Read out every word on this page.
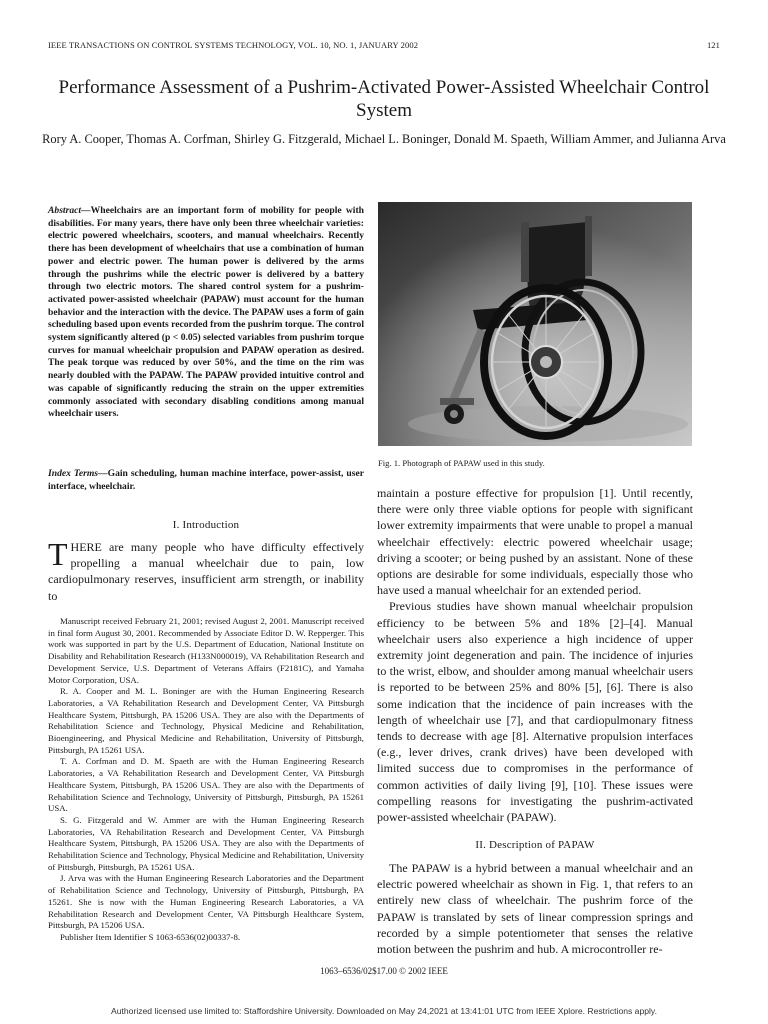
IEEE TRANSACTIONS ON CONTROL SYSTEMS TECHNOLOGY, VOL. 10, NO. 1, JANUARY 2002	121
Performance Assessment of a Pushrim-Activated Power-Assisted Wheelchair Control System
Rory A. Cooper, Thomas A. Corfman, Shirley G. Fitzgerald, Michael L. Boninger, Donald M. Spaeth, William Ammer, and Julianna Arva
Abstract—Wheelchairs are an important form of mobility for people with disabilities. For many years, there have only been three wheelchair varieties: electric powered wheelchairs, scooters, and manual wheelchairs. Recently there has been development of wheelchairs that use a combination of human power and electric power. The human power is delivered by the arms through the pushrims while the electric power is delivered by a battery through two electric motors. The shared control system for a pushrim-activated power-assisted wheelchair (PAPAW) must account for the human behavior and the interaction with the device. The PAPAW uses a form of gain scheduling based upon events recorded from the pushrim torque. The control system significantly altered (p < 0.05) selected variables from pushrim torque curves for manual wheelchair propulsion and PAPAW operation as desired. The peak torque was reduced by over 50%, and the time on the rim was nearly doubled with the PAPAW. The PAPAW provided intuitive control and was capable of significantly reducing the strain on the upper extremities commonly associated with secondary disabling conditions among manual wheelchair users.
Index Terms—Gain scheduling, human machine interface, power-assist, user interface, wheelchair.
I. Introduction
THERE are many people who have difficulty effectively propelling a manual wheelchair due to pain, low cardiopulmonary reserves, insufficient arm strength, or inability to

Manuscript received February 21, 2001; revised August 2, 2001. Manuscript received in final form August 30, 2001. Recommended by Associate Editor D. W. Repperger. This work was supported in part by the U.S. Department of Education, National Institute on Disability and Rehabilitation Research (H133N000019), VA Rehabilitation Research and Development Service, U.S. Department of Veterans Affairs (F2181C), and Yamaha Motor Corporation, USA.

R. A. Cooper and M. L. Boninger are with the Human Engineering Research Laboratories, a VA Rehabilitation Research and Development Center, VA Pittsburgh Healthcare System, Pittsburgh, PA 15206 USA. They are also with the Departments of Rehabilitation Science and Technology, Physical Medicine and Rehabilitation, Bioengineering, and Physical Medicine and Rehabilitation, University of Pittsburgh, Pittsburgh, PA 15261 USA.

T. A. Corfman and D. M. Spaeth are with the Human Engineering Research Laboratories, a VA Rehabilitation Research and Development Center, VA Pittsburgh Healthcare System, Pittsburgh, PA 15206 USA. They are also with the Departments of Rehabilitation Science and Technology, University of Pittsburgh, Pittsburgh, PA 15261 USA.

S. G. Fitzgerald and W. Ammer are with the Human Engineering Research Laboratories, VA Rehabilitation Research and Development Center, VA Pittsburgh Healthcare System, Pittsburgh, PA 15206 USA. They are also with the Departments of Rehabilitation Science and Technology, Physical Medicine and Rehabilitation, University of Pittsburgh, Pittsburgh, PA 15261 USA.

J. Arva was with the Human Engineering Research Laboratories and the Department of Rehabilitation Science and Technology, University of Pittsburgh, Pittsburgh, PA 15261. She is now with the Human Engineering Research Laboratories, a VA Rehabilitation Research and Development Center, VA Pittsburgh Healthcare System, Pittsburgh, PA 15206 USA.

Publisher Item Identifier S 1063-6536(02)00337-8.

Fig. 1. Photograph of PAPAW used in this study.

maintain a posture effective for propulsion [1]. Until recently, there were only three viable options for people with significant lower extremity impairments that were unable to propel a manual wheelchair effectively: electric powered wheelchair usage; driving a scooter; or being pushed by an assistant. None of these options are desirable for some individuals, especially those who have used a manual wheelchair for an extended period.

Previous studies have shown manual wheelchair propulsion efficiency to be between 5% and 18% [2]–[4]. Manual wheelchair users also experience a high incidence of upper extremity joint degeneration and pain. The incidence of injuries to the wrist, elbow, and shoulder among manual wheelchair users is reported to be between 25% and 80% [5], [6]. There is also some indication that the incidence of pain increases with the length of wheelchair use [7], and that cardiopulmonary fitness tends to decrease with age [8]. Alternative propulsion interfaces (e.g., lever drives, crank drives) have been developed with limited success due to compromises in the performance of common activities of daily living [9], [10]. These issues were compelling reasons for investigating the pushrim-activated power-assisted wheelchair (PAPAW).

II. Description of PAPAW

The PAPAW is a hybrid between a manual wheelchair and an electric powered wheelchair as shown in Fig. 1, that refers to an entirely new class of wheelchair. The pushrim force of the PAPAW is translated by sets of linear compression springs and recorded by a simple potentiometer that senses the relative motion between the pushrim and hub. A microcontroller re-

1063–6536/02$17.00 © 2002 IEEE
Authorized licensed use limited to: Staffordshire University. Downloaded on May 24,2021 at 13:41:01 UTC from IEEE Xplore. Restrictions apply.
